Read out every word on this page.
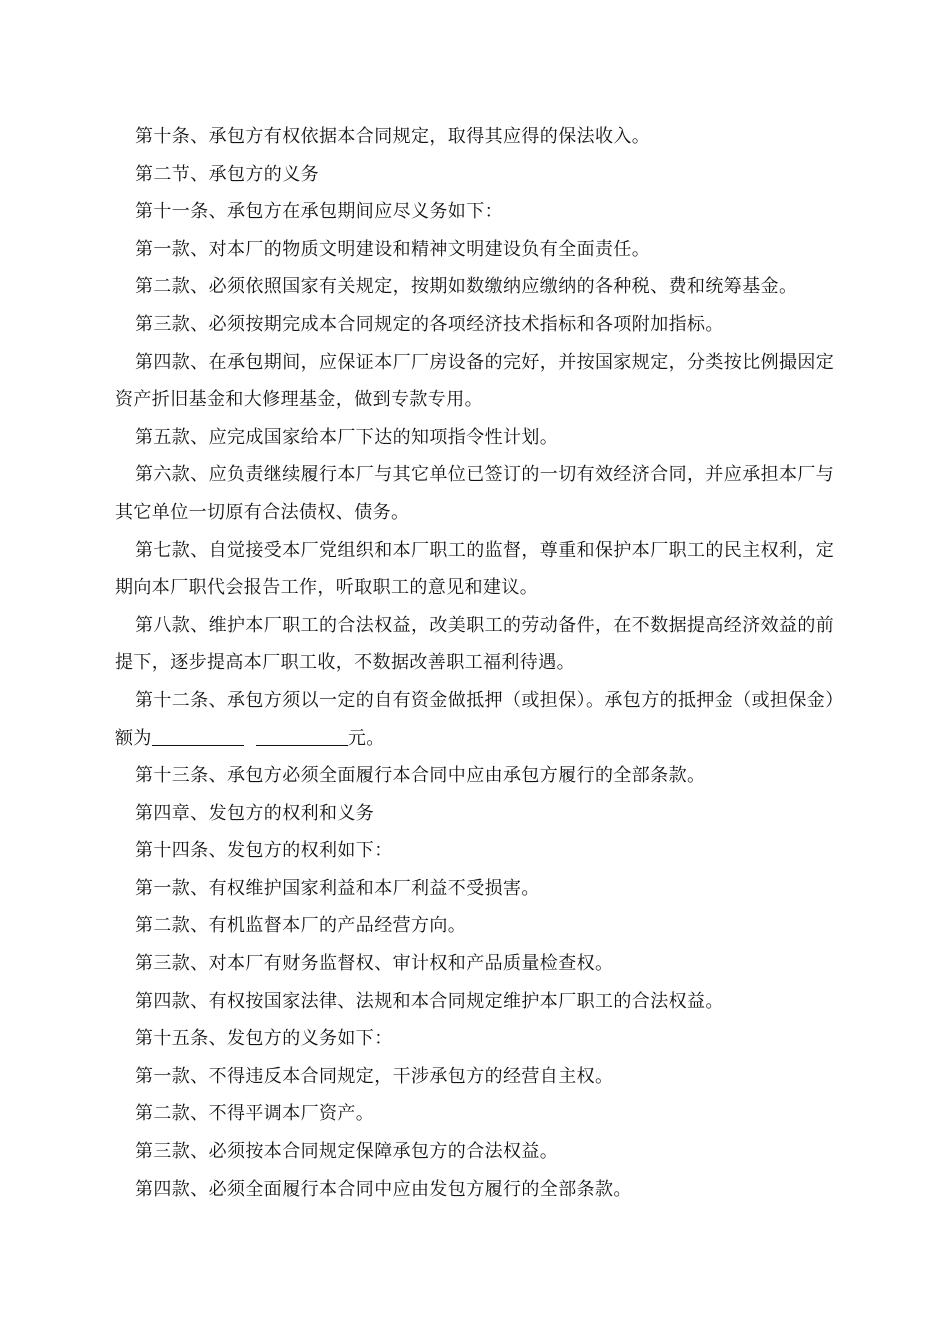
第十条、承包方有权依据本合同规定，取得其应得的保法收入。

第二节、承包方的义务

第十一条、承包方在承包期间应尽义务如下：

第一款、对本厂的物质文明建设和精神文明建设负有全面责任。

第二款、必须依照国家有关规定，按期如数缴纳应缴纳的各种税、费和统筹基金。

第三款、必须按期完成本合同规定的各项经济技术指标和各项附加指标。

第四款、在承包期间，应保证本厂厂房设备的完好，并按国家规定，分类按比例撮因定资产折旧基金和大修理基金，做到专款专用。

第五款、应完成国家给本厂下达的知项指令性计划。

第六款、应负责继续履行本厂与其它单位已签订的一切有效经济合同，并应承担本厂与其它单位一切原有合法债权、债务。

第七款、自觉接受本厂党组织和本厂职工的监督，尊重和保护本厂职工的民主权利，定期向本厂职代会报告工作，听取职工的意见和建议。

第八款、维护本厂职工的合法权益，改美职工的劳动备件，在不数据提高经济效益的前提下，逐步提高本厂职工收，不数据改善职工福利待遇。

第十二条、承包方须以一定的自有资金做抵押（或担保）。承包方的抵押金（或担保金）额为	元。

第十三条、承包方必须全面履行本合同中应由承包方履行的全部条款。

第四章、发包方的权利和义务

第十四条、发包方的权利如下：

第一款、有权维护国家利益和本厂利益不受损害。

第二款、有机监督本厂的产品经营方向。

第三款、对本厂有财务监督权、审计权和产品质量检查权。

第四款、有权按国家法律、法规和本合同规定维护本厂职工的合法权益。

第十五条、发包方的义务如下：

第一款、不得违反本合同规定，干涉承包方的经营自主权。

第二款、不得平调本厂资产。

第三款、必须按本合同规定保障承包方的合法权益。

第四款、必须全面履行本合同中应由发包方履行的全部条款。
